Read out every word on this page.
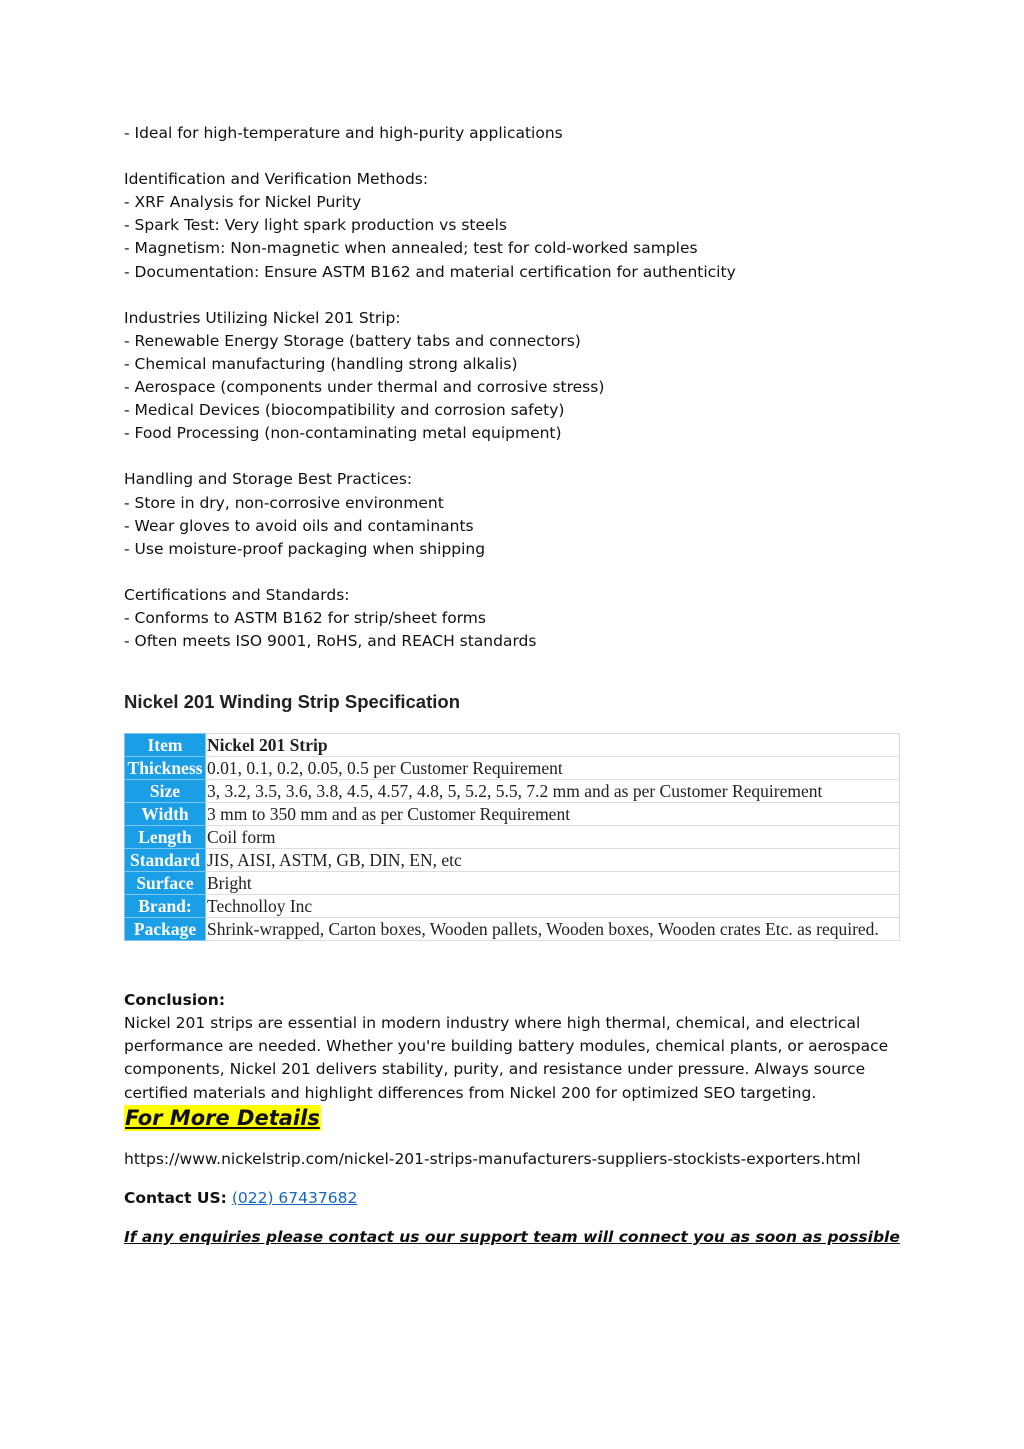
- Ideal for high-temperature and high-purity applications
Identification and Verification Methods:
- XRF Analysis for Nickel Purity
- Spark Test: Very light spark production vs steels
- Magnetism: Non-magnetic when annealed; test for cold-worked samples
- Documentation: Ensure ASTM B162 and material certification for authenticity
Industries Utilizing Nickel 201 Strip:
- Renewable Energy Storage (battery tabs and connectors)
- Chemical manufacturing (handling strong alkalis)
- Aerospace (components under thermal and corrosive stress)
- Medical Devices (biocompatibility and corrosion safety)
- Food Processing (non-contaminating metal equipment)
Handling and Storage Best Practices:
- Store in dry, non-corrosive environment
- Wear gloves to avoid oils and contaminants
- Use moisture-proof packaging when shipping
Certifications and Standards:
- Conforms to ASTM B162 for strip/sheet forms
- Often meets ISO 9001, RoHS, and REACH standards
Nickel 201 Winding Strip Specification
Item	Nickel 201 Strip
Thickness	0.01, 0.1, 0.2, 0.05, 0.5 per Customer Requirement
Size	3, 3.2, 3.5, 3.6, 3.8, 4.5, 4.57, 4.8, 5, 5.2, 5.5, 7.2 mm and as per Customer Requirement
Width	3 mm to 350 mm and as per Customer Requirement
Length	Coil form
Standard	JIS, AISI, ASTM, GB, DIN, EN, etc
Surface	Bright
Brand:	Technolloy Inc
Package	Shrink-wrapped, Carton boxes, Wooden pallets, Wooden boxes, Wooden crates Etc. as required.
Conclusion:
Nickel 201 strips are essential in modern industry where high thermal, chemical, and electrical
performance are needed. Whether you're building battery modules, chemical plants, or aerospace
components, Nickel 201 delivers stability, purity, and resistance under pressure. Always source
certified materials and highlight differences from Nickel 200 for optimized SEO targeting.
For More Details
https://www.nickelstrip.com/nickel-201-strips-manufacturers-suppliers-stockists-exporters.html
Contact US: (022) 67437682
If any enquiries please contact us our support team will connect you as soon as possible
